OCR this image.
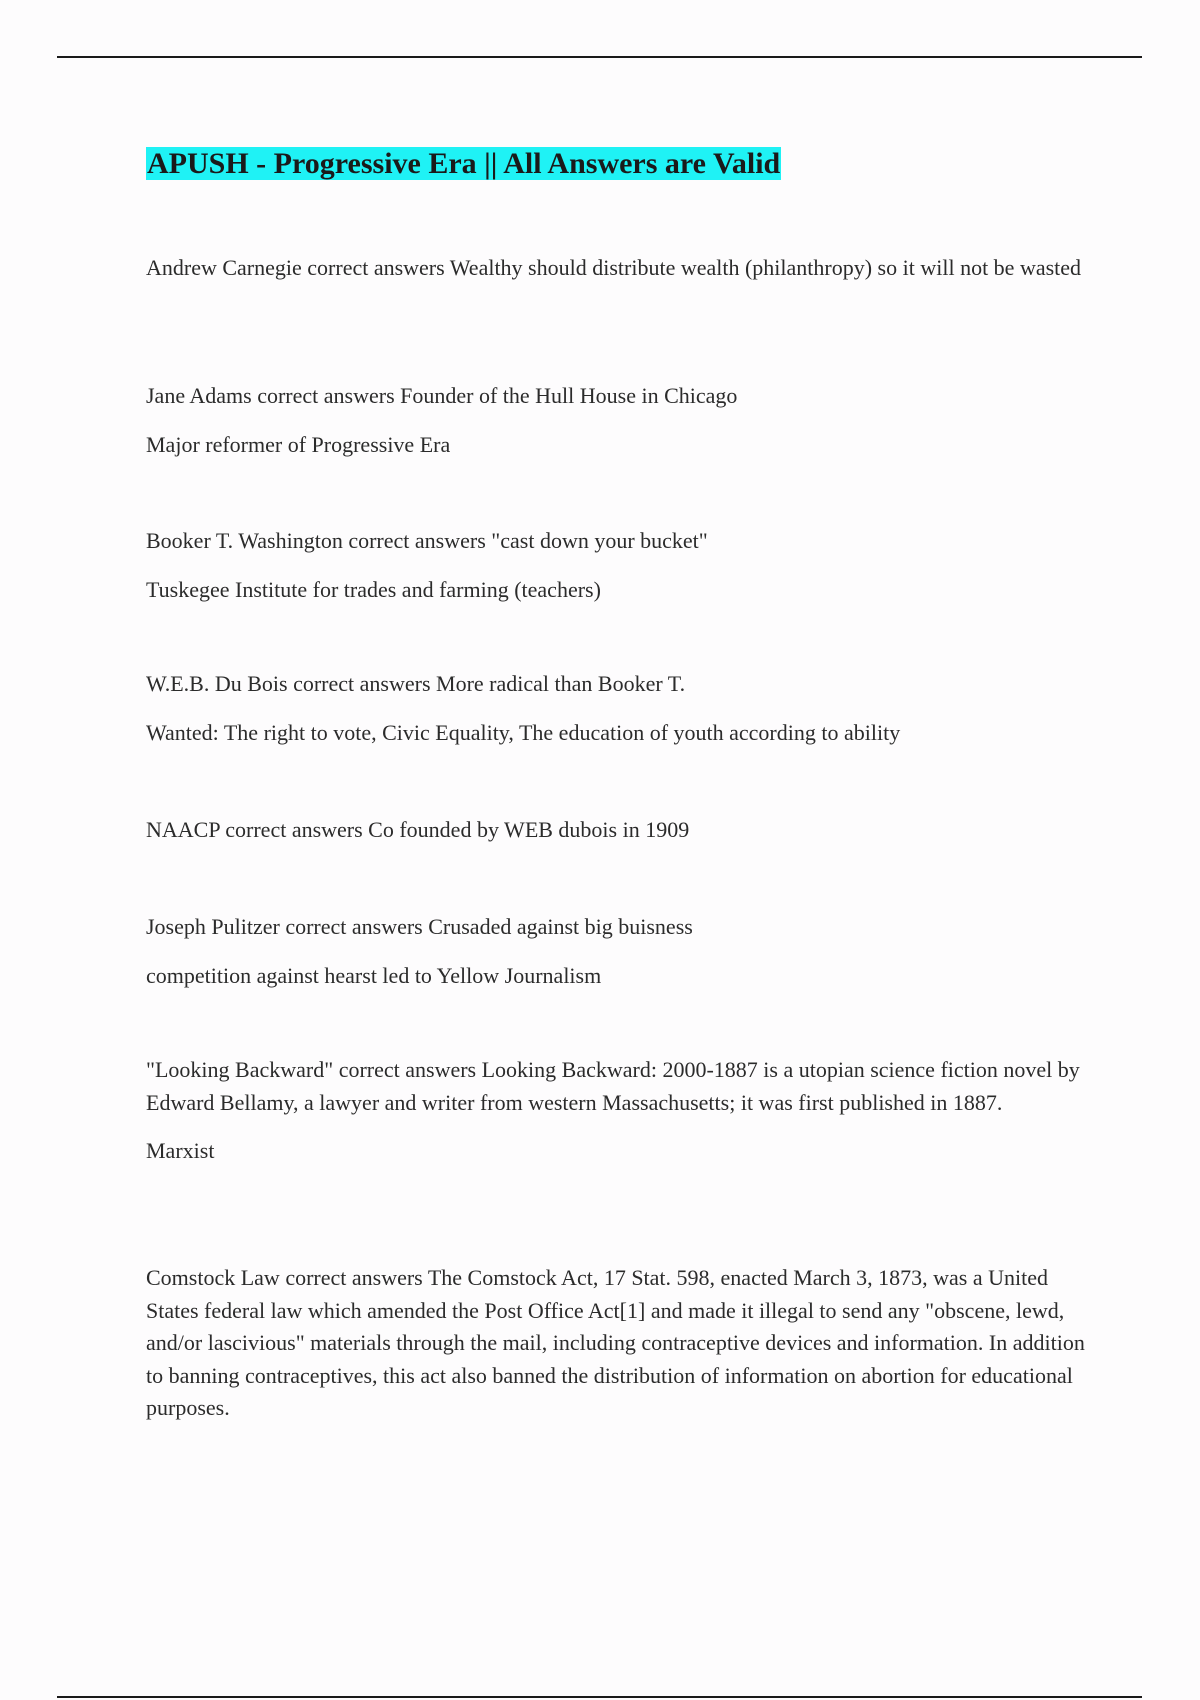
APUSH - Progressive Era || All Answers are Valid

Andrew Carnegie correct answers Wealthy should distribute wealth (philanthropy) so it will not be wasted

Jane Adams correct answers Founder of the Hull House in Chicago

Major reformer of Progressive Era

Booker T. Washington correct answers "cast down your bucket"

Tuskegee Institute for trades and farming (teachers)

W.E.B. Du Bois correct answers More radical than Booker T.

Wanted: The right to vote, Civic Equality, The education of youth according to ability

NAACP correct answers Co founded by WEB dubois in 1909

Joseph Pulitzer correct answers Crusaded against big buisness

competition against hearst led to Yellow Journalism

"Looking Backward" correct answers Looking Backward: 2000-1887 is a utopian science fiction novel by Edward Bellamy, a lawyer and writer from western Massachusetts; it was first published in 1887.

Marxist

Comstock Law correct answers The Comstock Act, 17 Stat. 598, enacted March 3, 1873, was a United States federal law which amended the Post Office Act[1] and made it illegal to send any "obscene, lewd, and/or lascivious" materials through the mail, including contraceptive devices and information. In addition to banning contraceptives, this act also banned the distribution of information on abortion for educational purposes.
